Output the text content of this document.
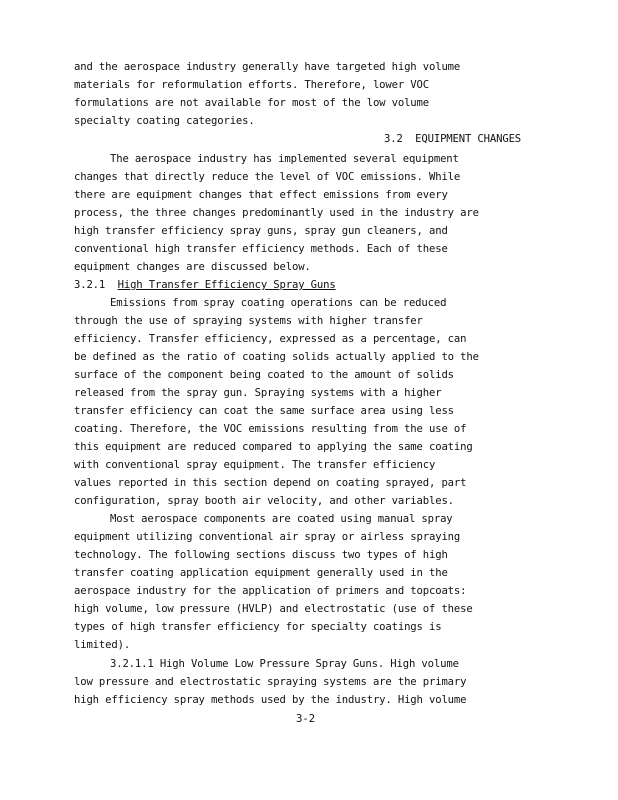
and the aerospace industry generally have targeted high volume
materials for reformulation efforts. Therefore, lower VOC
formulations are not available for most of the low volume
specialty coating categories.
3.2 EQUIPMENT CHANGES
The aerospace industry has implemented several equipment
changes that directly reduce the level of VOC emissions. While
there are equipment changes that effect emissions from every
process, the three changes predominantly used in the industry are
high transfer efficiency spray guns, spray gun cleaners, and
conventional high transfer efficiency methods. Each of these
equipment changes are discussed below.
3.2.1 High Transfer Efficiency Spray Guns
Emissions from spray coating operations can be reduced
through the use of spraying systems with higher transfer
efficiency. Transfer efficiency, expressed as a percentage, can
be defined as the ratio of coating solids actually applied to the
surface of the component being coated to the amount of solids
released from the spray gun. Spraying systems with a higher
transfer efficiency can coat the same surface area using less
coating. Therefore, the VOC emissions resulting from the use of
this equipment are reduced compared to applying the same coating
with conventional spray equipment. The transfer efficiency
values reported in this section depend on coating sprayed, part
configuration, spray booth air velocity, and other variables.
Most aerospace components are coated using manual spray
equipment utilizing conventional air spray or airless spraying
technology. The following sections discuss two types of high
transfer coating application equipment generally used in the
aerospace industry for the application of primers and topcoats:
high volume, low pressure (HVLP) and electrostatic (use of these
types of high transfer efficiency for specialty coatings is
limited).
3.2.1.1 High Volume Low Pressure Spray Guns. High volume
low pressure and electrostatic spraying systems are the primary
high efficiency spray methods used by the industry. High volume
3-2
